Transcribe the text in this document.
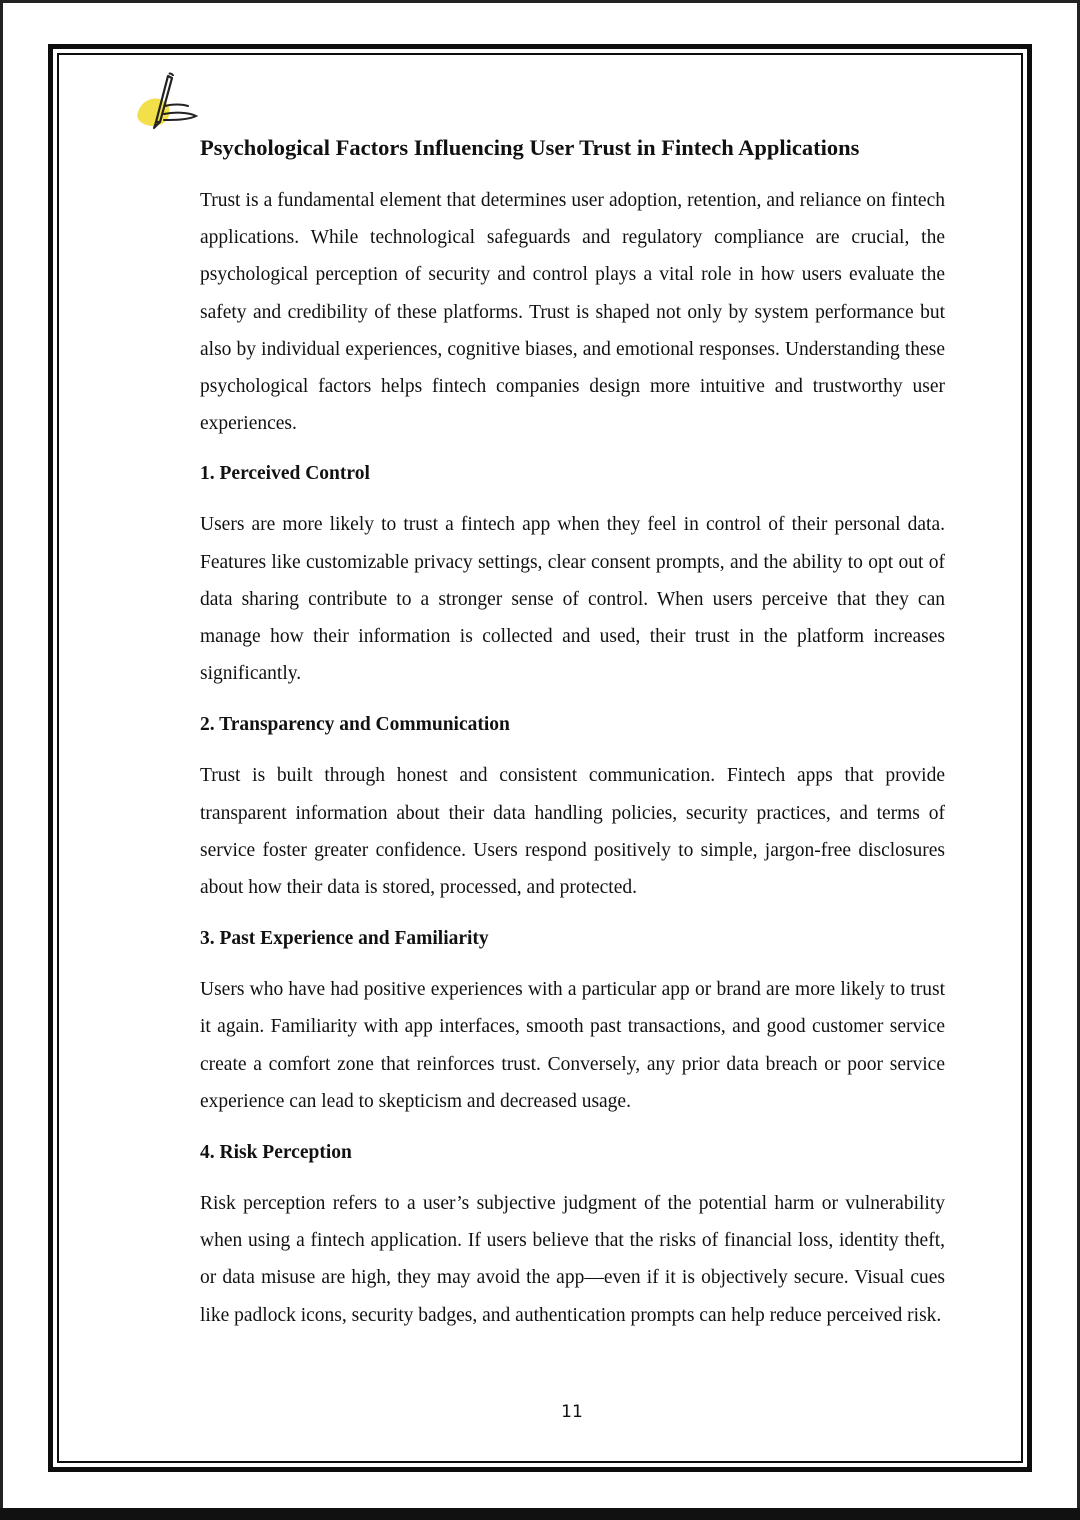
Psychological Factors Influencing User Trust in Fintech Applications

Trust is a fundamental element that determines user adoption, retention, and reliance on fintech applications. While technological safeguards and regulatory compliance are crucial, the psychological perception of security and control plays a vital role in how users evaluate the safety and credibility of these platforms. Trust is shaped not only by system performance but also by individual experiences, cognitive biases, and emotional responses. Understanding these psychological factors helps fintech companies design more intuitive and trustworthy user experiences.

1. Perceived Control

Users are more likely to trust a fintech app when they feel in control of their personal data. Features like customizable privacy settings, clear consent prompts, and the ability to opt out of data sharing contribute to a stronger sense of control. When users perceive that they can manage how their information is collected and used, their trust in the platform increases significantly.

2. Transparency and Communication

Trust is built through honest and consistent communication. Fintech apps that provide transparent information about their data handling policies, security practices, and terms of service foster greater confidence. Users respond positively to simple, jargon-free disclosures about how their data is stored, processed, and protected.

3. Past Experience and Familiarity

Users who have had positive experiences with a particular app or brand are more likely to trust it again. Familiarity with app interfaces, smooth past transactions, and good customer service create a comfort zone that reinforces trust. Conversely, any prior data breach or poor service experience can lead to skepticism and decreased usage.

4. Risk Perception

Risk perception refers to a user’s subjective judgment of the potential harm or vulnerability when using a fintech application. If users believe that the risks of financial loss, identity theft, or data misuse are high, they may avoid the app—even if it is objectively secure. Visual cues like padlock icons, security badges, and authentication prompts can help reduce perceived risk.

11
